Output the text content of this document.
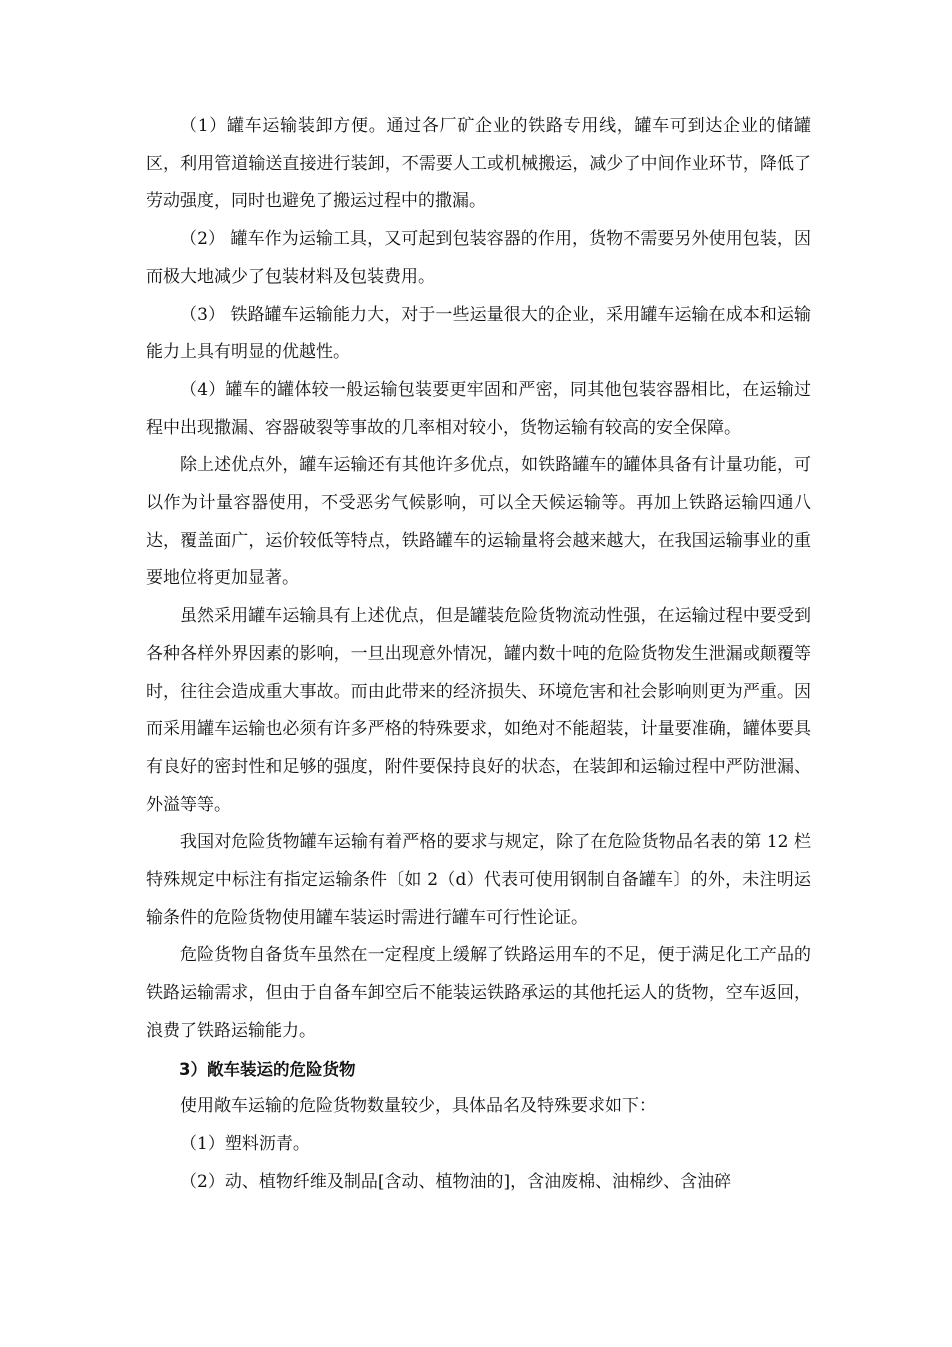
（1）罐车运输装卸方便。通过各厂矿企业的铁路专用线，罐车可到达企业的储罐区，利用管道输送直接进行装卸，不需要人工或机械搬运，减少了中间作业环节，降低了劳动强度，同时也避免了搬运过程中的撒漏。

（2） 罐车作为运输工具，又可起到包装容器的作用，货物不需要另外使用包装，因而极大地减少了包装材料及包装费用。

（3） 铁路罐车运输能力大，对于一些运量很大的企业，采用罐车运输在成本和运输能力上具有明显的优越性。

（4）罐车的罐体较一般运输包装要更牢固和严密，同其他包装容器相比，在运输过程中出现撒漏、容器破裂等事故的几率相对较小，货物运输有较高的安全保障。

除上述优点外，罐车运输还有其他许多优点，如铁路罐车的罐体具备有计量功能，可以作为计量容器使用，不受恶劣气候影响，可以全天候运输等。再加上铁路运输四通八达，覆盖面广，运价较低等特点，铁路罐车的运输量将会越来越大，在我国运输事业的重要地位将更加显著。

虽然采用罐车运输具有上述优点，但是罐装危险货物流动性强，在运输过程中要受到各种各样外界因素的影响，一旦出现意外情况，罐内数十吨的危险货物发生泄漏或颠覆等时，往往会造成重大事故。而由此带来的经济损失、环境危害和社会影响则更为严重。因而采用罐车运输也必须有许多严格的特殊要求，如绝对不能超装，计量要准确，罐体要具有良好的密封性和足够的强度，附件要保持良好的状态，在装卸和运输过程中严防泄漏、外溢等等。

我国对危险货物罐车运输有着严格的要求与规定，除了在危险货物品名表的第 12 栏特殊规定中标注有指定运输条件〔如 2（d）代表可使用钢制自备罐车〕的外，未注明运输条件的危险货物使用罐车装运时需进行罐车可行性论证。

危险货物自备货车虽然在一定程度上缓解了铁路运用车的不足，便于满足化工产品的铁路运输需求，但由于自备车卸空后不能装运铁路承运的其他托运人的货物，空车返回，浪费了铁路运输能力。

3）敞车装运的危险货物

使用敞车运输的危险货物数量较少，具体品名及特殊要求如下：

（1）塑料沥青。

（2）动、植物纤维及制品[含动、植物油的]，含油废棉、油棉纱、含油碎
